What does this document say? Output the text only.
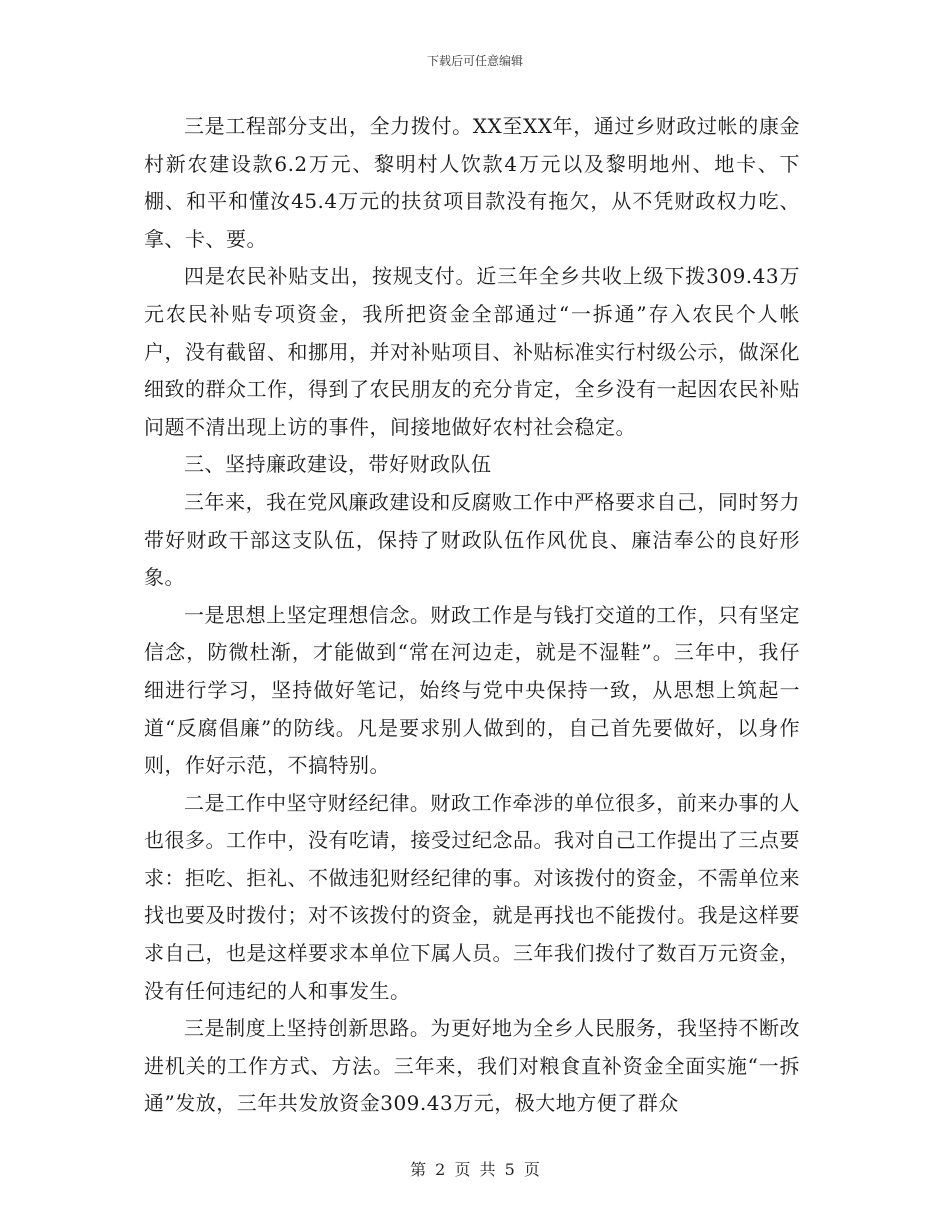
下载后可任意编辑

三是工程部分支出，全力拨付。XX至XX年，通过乡财政过帐的康金村新农建设款6.2万元、黎明村人饮款4万元以及黎明地州、地卡、下棚、和平和懂汝45.4万元的扶贫项目款没有拖欠，从不凭财政权力吃、拿、卡、要。

四是农民补贴支出，按规支付。近三年全乡共收上级下拨309.43万元农民补贴专项资金，我所把资金全部通过“一拆通”存入农民个人帐户，没有截留、和挪用，并对补贴项目、补贴标准实行村级公示，做深化细致的群众工作，得到了农民朋友的充分肯定，全乡没有一起因农民补贴问题不清出现上访的事件，间接地做好农村社会稳定。

三、坚持廉政建设，带好财政队伍

三年来，我在党风廉政建设和反腐败工作中严格要求自己，同时努力带好财政干部这支队伍，保持了财政队伍作风优良、廉洁奉公的良好形象。

一是思想上坚定理想信念。财政工作是与钱打交道的工作，只有坚定信念，防微杜渐，才能做到“常在河边走，就是不湿鞋”。三年中，我仔细进行学习，坚持做好笔记，始终与党中央保持一致，从思想上筑起一道“反腐倡廉”的防线。凡是要求别人做到的，自己首先要做好，以身作则，作好示范，不搞特别。

二是工作中坚守财经纪律。财政工作牵涉的单位很多，前来办事的人也很多。工作中，没有吃请，接受过纪念品。我对自己工作提出了三点要求：拒吃、拒礼、不做违犯财经纪律的事。对该拨付的资金，不需单位来找也要及时拨付；对不该拨付的资金，就是再找也不能拨付。我是这样要求自己，也是这样要求本单位下属人员。三年我们拨付了数百万元资金，没有任何违纪的人和事发生。

三是制度上坚持创新思路。为更好地为全乡人民服务，我坚持不断改进机关的工作方式、方法。三年来，我们对粮食直补资金全面实施“一拆通”发放，三年共发放资金309.43万元，极大地方便了群众

第 2 页 共 5 页
